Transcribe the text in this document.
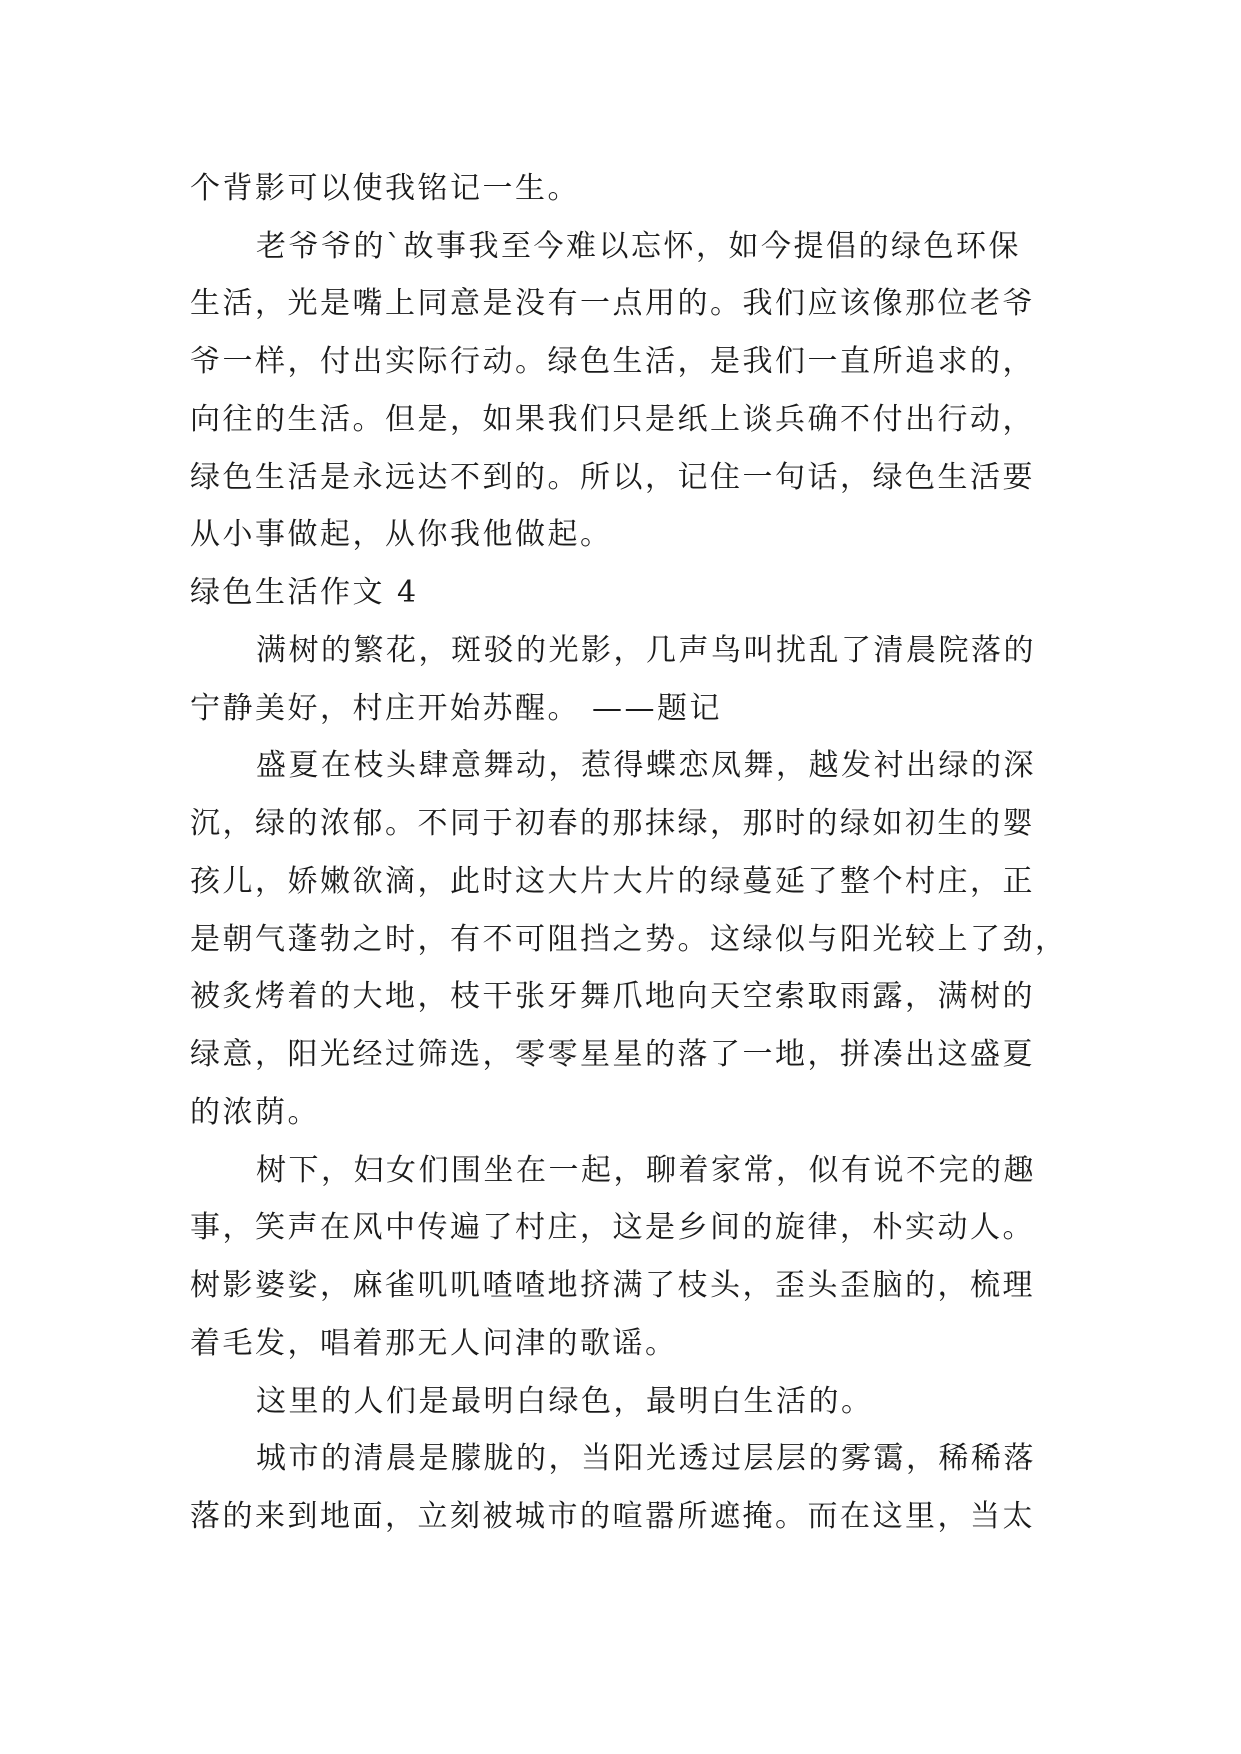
个背影可以使我铭记一生。
老爷爷的`故事我至今难以忘怀，如今提倡的绿色环保
生活，光是嘴上同意是没有一点用的。我们应该像那位老爷
爷一样，付出实际行动。绿色生活，是我们一直所追求的，
向往的生活。但是，如果我们只是纸上谈兵确不付出行动，
绿色生活是永远达不到的。所以，记住一句话，绿色生活要
从小事做起，从你我他做起。
绿色生活作文 4
满树的繁花，斑驳的光影，几声鸟叫扰乱了清晨院落的
宁静美好，村庄开始苏醒。 ——题记
盛夏在枝头肆意舞动，惹得蝶恋凤舞，越发衬出绿的深
沉，绿的浓郁。不同于初春的那抹绿，那时的绿如初生的婴
孩儿，娇嫩欲滴，此时这大片大片的绿蔓延了整个村庄，正
是朝气蓬勃之时，有不可阻挡之势。这绿似与阳光较上了劲，
被炙烤着的大地，枝干张牙舞爪地向天空索取雨露，满树的
绿意，阳光经过筛选，零零星星的落了一地，拼凑出这盛夏
的浓荫。
树下，妇女们围坐在一起，聊着家常，似有说不完的趣
事，笑声在风中传遍了村庄，这是乡间的旋律，朴实动人。
树影婆娑，麻雀叽叽喳喳地挤满了枝头，歪头歪脑的，梳理
着毛发，唱着那无人问津的歌谣。
这里的人们是最明白绿色，最明白生活的。
城市的清晨是朦胧的，当阳光透过层层的雾霭，稀稀落
落的来到地面，立刻被城市的喧嚣所遮掩。而在这里，当太
